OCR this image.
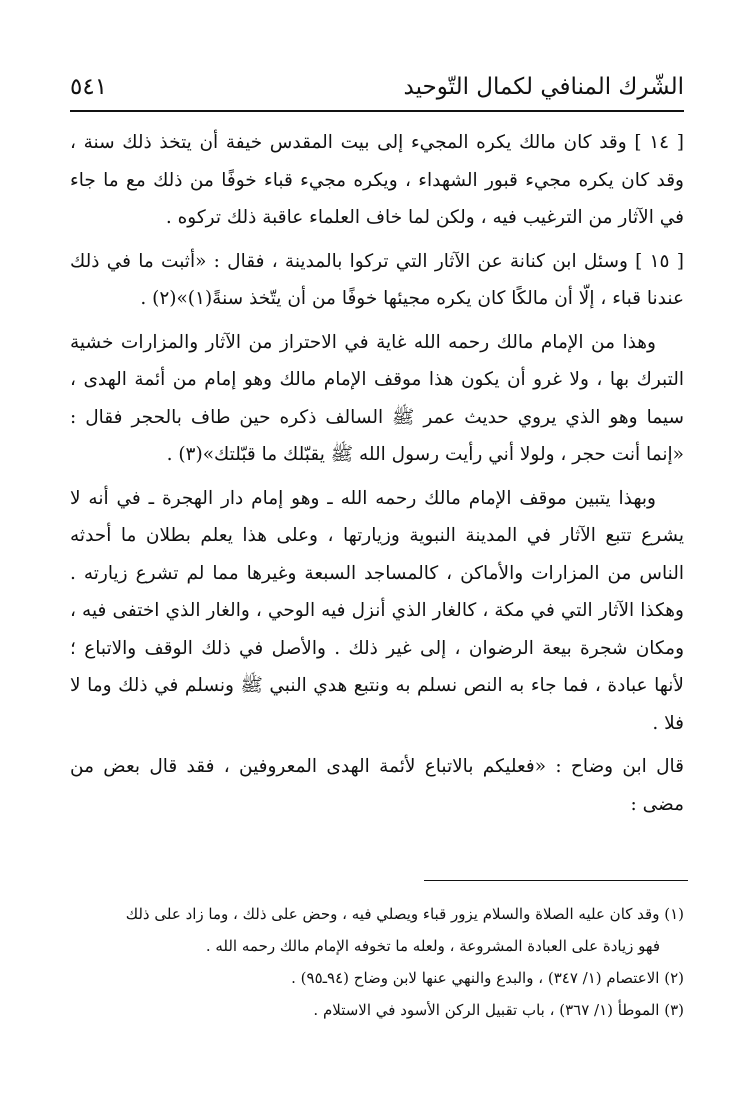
الشّرك المنافي لكمال التّوحيد
٥٤١

[ ١٤ ] وقد كان مالك يكره المجيء إلى بيت المقدس خيفة أن يتخذ ذلك سنة ، وقد كان يكره مجيء قبور الشهداء ، ويكره مجيء قباء خوفًا من ذلك مع ما جاء في الآثار من الترغيب فيه ، ولكن لما خاف العلماء عاقبة ذلك تركوه .

[ ١٥ ] وسئل ابن كنانة عن الآثار التي تركوا بالمدينة ، فقال : «أثبت ما في ذلك عندنا قباء ، إلّا أن مالكًا كان يكره مجيئها خوفًا من أن يتّخذ سنةً(١)»(٢) .

وهذا من الإمام مالك رحمه الله غاية في الاحتراز من الآثار والمزارات خشية التبرك بها ، ولا غرو أن يكون هذا موقف الإمام مالك وهو إمام من أئمة الهدى ، سيما وهو الذي يروي حديث عمر ﷺ السالف ذكره حين طاف بالحجر فقال : «إنما أنت حجر ، ولولا أني رأيت رسول الله ﷺ يقبّلك ما قبّلتك»(٣) .

وبهذا يتبين موقف الإمام مالك رحمه الله ـ وهو إمام دار الهجرة ـ في أنه لا يشرع تتبع الآثار في المدينة النبوية وزيارتها ، وعلى هذا يعلم بطلان ما أحدثه الناس من المزارات والأماكن ، كالمساجد السبعة وغيرها مما لم تشرع زيارته . وهكذا الآثار التي في مكة ، كالغار الذي أنزل فيه الوحي ، والغار الذي اختفى فيه ، ومكان شجرة بيعة الرضوان ، إلى غير ذلك . والأصل في ذلك الوقف والاتباع ؛ لأنها عبادة ، فما جاء به النص نسلم به ونتبع هدي النبي ﷺ ونسلم في ذلك وما لا فلا .

قال ابن وضاح : «فعليكم بالاتباع لأئمة الهدى المعروفين ، فقد قال بعض من مضى :

(١) وقد كان عليه الصلاة والسلام يزور قباء ويصلي فيه ، وحض على ذلك ، وما زاد على ذلك

فهو زيادة على العبادة المشروعة ، ولعله ما تخوفه الإمام مالك رحمه الله .

(٢) الاعتصام (١/ ٣٤٧) ، والبدع والنهي عنها لابن وضاح (٩٤ـ٩٥) .

(٣) الموطأ (١/ ٣٦٧) ، باب تقبيل الركن الأسود في الاستلام .
